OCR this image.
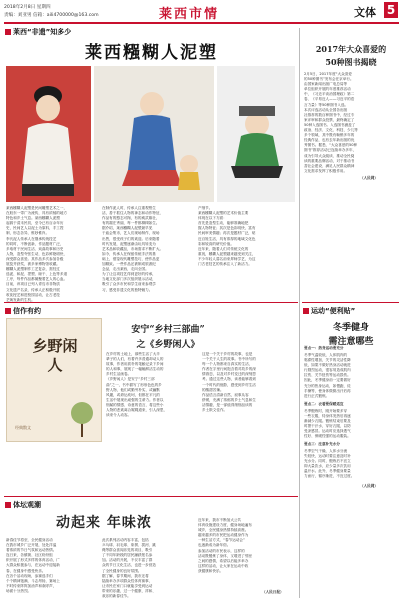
2018年2月8日 星期四
责编：刘亚男 信箱：aili4700000@163.com	莱西市情	文体 5
莱西“非遗”知多少
莱西糨糊人泥塑
莱西糨糊人泥塑是民间雕塑艺术之一，
在胶东一带广为流传，具有浓郁的地方
特色和乡土气息。莱西糨糊人泥塑
起源于清末民初，至今已有百余年历
史，民间艺人以泥土为原料，手工捏
制，形态各异，惟妙惟肖。
李氏泥人传承人在继承传统技艺
的同时，不断创新，作品题材广泛，
多取材于民间生活、戏曲故事和历史
人物，造型夸张生动，色彩鲜艳明快，
深受群众喜爱。其作品多次参加各级
展览并获奖，被多家博物馆收藏。
糨糊人泥塑制作工艺复杂，需经过
选泥、和泥、捏塑、晾干、上色等多道
工序，每件作品都凝聚着艺人的心血。
目前，该项目已列入青岛市非物质
文化遗产名录，传承人正积极开展
收徒授艺和进校园活动，让古老技
艺焕发新的生机。
在制作泥人时，传承人注重观察生
活，善于抓住人物的神态和动作特征，
作品有的憨态可掬，有的威武雄壮，
有的端庄秀丽，每一件都栩栩如生。
据介绍，莱西糨糊人泥塑最早见
于庙会集市，艺人们现场制作，现场
出售，很受孩子们的欢迎。后来随着
时代发展，泥塑逐渐由玩具转变为
艺术品和收藏品，市场需求不断扩大。
如今，传承人在保留传统手法的基
础上，借鉴现代雕塑技巧，使作品更
加精致。一些作品还被制成旅游纪
念品，走出莱西，走向全国。
为了让这项技艺得到更好的传承，
当地文化部门多次组织展示活动，
吸引了众多市民和学生前来参观学
习，感受非遗文化的独特魅力。
产细节。
莱西糨糊人泥塑的艺术价值主要
体现在以下方面：
首先是造型生动，能够准确地把
握人物特征；其次是色彩明快，富有
民间审美情趣；再次是题材广泛，贴
近百姓生活，具有浓厚的地域文化色
彩和较高的研究价值。
近年来，随着人们对传统文化的
重视，糨糊人泥塑越来越受到关注，
不少年轻人慕名前来拜师学艺，为这
门古老技艺的传承注入了新活力。
2017年大众喜爱的
50种图书揭晓
2月5日，2017年度“大众喜爱
的50种图书”发布会在京举行。
由国家新闻出版广电总局等
单位组织开展的年度推荐活动
中，《习近平谈治国理政》第二
卷、《平易近人——习近平的语
言力量》等50种图书入选。
本次评选活动从全国各出版
社推荐的数百种图书中，经过专
家评审和群众投票，最终确定了
50种入选图书。入选图书涵盖了
政治、经济、文化、科技、少儿等
多个领域，其中既有畅销多年的
经典作品，也有去年新出版的优
秀图书。据悉，“大众喜爱的50种
图书”推荐活动已连续举办多年，
成为引导大众阅读、推动全民阅
读的重要品牌活动，对于推动书
香社会建设、满足人民群众精神
文化需求发挥了积极作用。
（人民网）
信作有约
乡野闲人
经典散文
安宁“乡村三部曲”
之《乡野闲人》
在乡村的土地上，那些生活了大半
辈子的人们，有着许多普通却动人的
故事，作者用质朴的笔触记录下乡间
的人和事，展现了一幅幅鲜活生动的
乡村生活画卷。
《乡野闲人》是安宁“乡村三部
曲”之一，书中描写了形形色色的乡
野人物，他们或勤劳朴实，或幽默
风趣，或命运坎坷，但都在平凡的
生活中展现出顽强的生命力。作者以
细腻的情感、诗意的语言，将这些小
人物的悲欢离合娓娓道来，引人深思，
读来令人动容。
这是一个关于乡村的故事，也是
一个关于人生的故事。书中所写的
每一个人物都来自真实的生活，
作者在字里行间饱含着对故乡的深
情眷恋，以及对乡村变迁的深刻思
考。通过这些人物，读者能够看到
一个时代的缩影，感受到乡村生活
的酸甜苦辣。
作品语言清新自然，叙事从容
舒缓，充满了浓郁的乡土气息和生
活情趣，是一部值得细细品读的
乡土散文佳作。
运动“便利贴”
冬季健身
需注意哪些
要点一：热身运动要充分
冬季气温较低，人体肌肉的
黏滞性增加，关节的灵活性降
低，如果不做好热身活动就进
行剧烈运动，很容易造成肌肉
拉伤、关节扭伤等运动损伤。
因此，冬季健身前一定要做好
充分的热身运动，如慢跑、徒
手操等，使身体微微出汗后再
进行正式锻炼。
要点二：衣着要保暖适宜
冬季锻炼时，刚开始要多穿
一些衣服，待身体发热后再逐
渐减少衣服。锻炼结束后要及
时擦干汗水，穿好衣服，以防
受凉感冒。运动时应选择透气
性好、保暖性强的运动服装。
要点三：注意补充水分
冬季空气干燥，人体水分流
失较快，运动时要注意及时补
充水分。同时，锻炼后不宜立
即大量饮水，应少量多次饮用
温开水。此外，冬季健身要量
力而行，循序渐进，不宜过度。
（人民网）
体坛观潮
动起来 年味浓
新春佳节将至，全民健身活动
在我市城乡广泛开展，处处洋溢
着浓浓的节日气氛和运动热情。
连日来，各镇街、社区纷纷组
织开展了形式多样的体育活动，广
大群众积极参与，在运动中迎接新
春，在健身中感受快乐。
在各个活动现场，参赛选手们
个个精神饱满，斗志昂扬，赛场上
不时传来阵阵加油声和欢呼声，
场面十分热烈。
此次系列活动内容丰富，包括
乒乓球、羽毛球、象棋、拔河、跳
绳等群众喜闻乐见的项目，吸引
了不同年龄段的居民踊跃报名参
加。活动的开展，不仅丰富了群
众的节日文化生活，也进一步营造
了全民健身的良好氛围。
据了解，春节期间，我市还将
陆续举办多项群众性体育赛事，
让市民在家门口就能享受到运动
带来的乐趣，过一个健康、祥和、
欢乐的新春佳节。
近年来，我市不断加大公共
体育设施建设力度，健身场地遍布
城乡，全民健身热情持续高涨。
越来越多的市民把运动健身作为
一种生活方式，“春节运动会”
也逐渐成为新年俗。
参加活动的市民表示，这样的
活动既锻炼了身体，又增进了邻里
之间的感情，希望以后能多举办
这样的活动，让大家在运动中收
获健康和快乐。
（人民日报）
